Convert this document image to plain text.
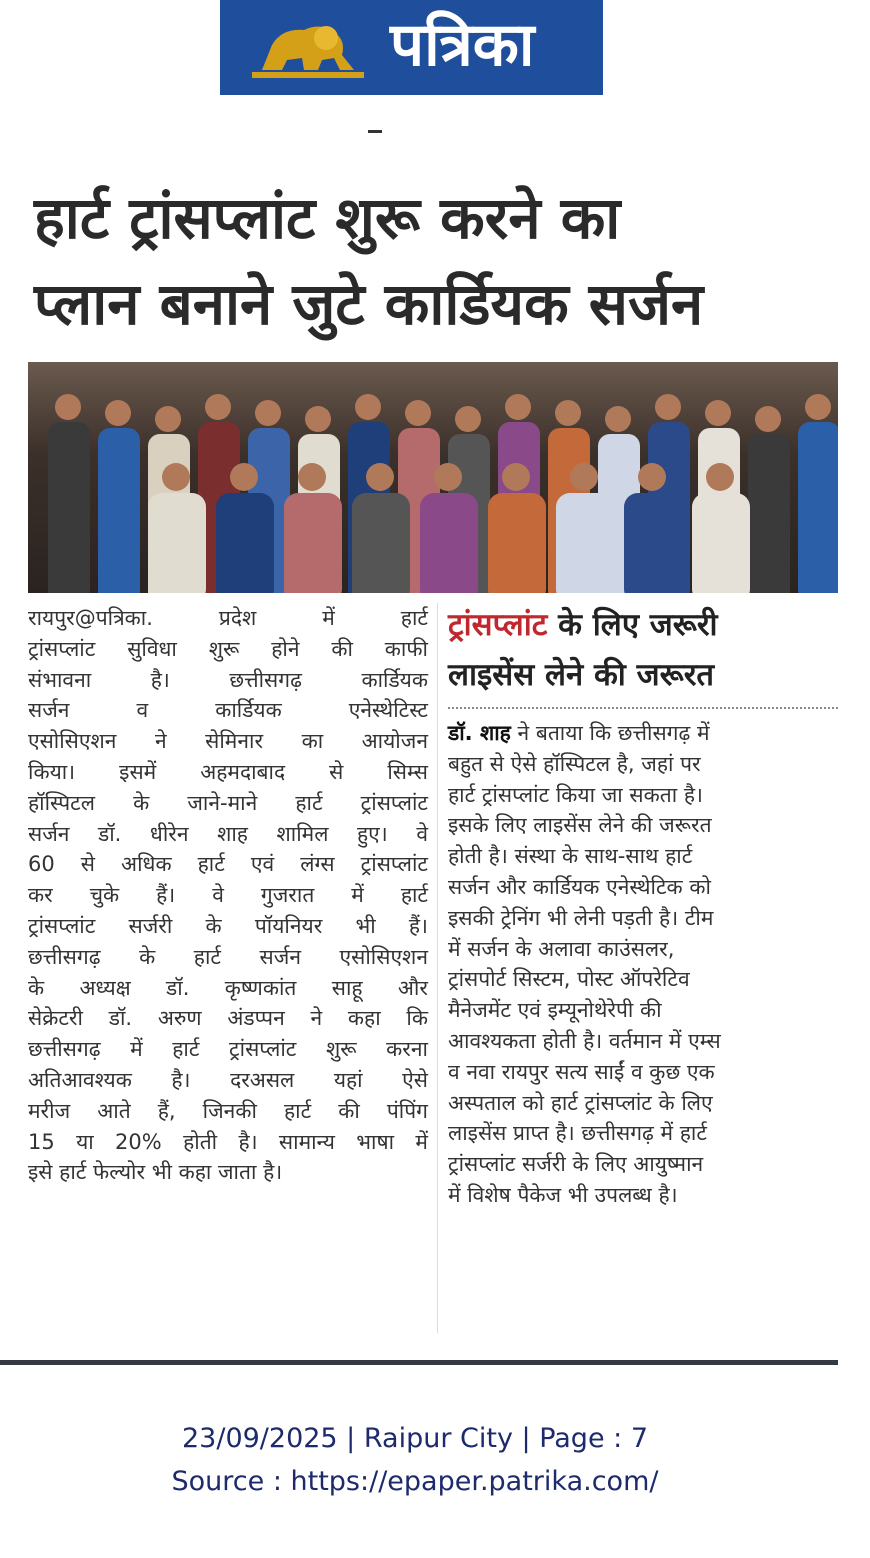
पत्रिका
हार्ट ट्रांसप्लांट शुरू करने का
प्लान बनाने जुटे कार्डियक सर्जन
रायपुर@पत्रिका. प्रदेश में हार्ट
ट्रांसप्लांट सुविधा शुरू होने की काफी
संभावना है। छत्तीसगढ़ कार्डियक
सर्जन व कार्डियक एनेस्थेटिस्ट
एसोसिएशन ने सेमिनार का आयोजन
किया। इसमें अहमदाबाद से सिम्स
हॉस्पिटल के जाने-माने हार्ट ट्रांसप्लांट
सर्जन डॉ. धीरेन शाह शामिल हुए। वे
60 से अधिक हार्ट एवं लंग्स ट्रांसप्लांट
कर चुके हैं। वे गुजरात में हार्ट
ट्रांसप्लांट सर्जरी के पॉयनियर भी हैं।
छत्तीसगढ़ के हार्ट सर्जन एसोसिएशन
के अध्यक्ष डॉ. कृष्णकांत साहू और
सेक्रेटरी डॉ. अरुण अंडप्पन ने कहा कि
छत्तीसगढ़ में हार्ट ट्रांसप्लांट शुरू करना
अतिआवश्यक है। दरअसल यहां ऐसे
मरीज आते हैं, जिनकी हार्ट की पंपिंग
15 या 20% होती है। सामान्य भाषा में
इसे हार्ट फेल्योर भी कहा जाता है।
ट्रांसप्लांट के लिए जरूरी
लाइसेंस लेने की जरूरत
डॉ. शाह ने बताया कि छत्तीसगढ़ में
बहुत से ऐसे हॉस्पिटल है, जहां पर
हार्ट ट्रांसप्लांट किया जा सकता है।
इसके लिए लाइसेंस लेने की जरूरत
होती है। संस्था के साथ-साथ हार्ट
सर्जन और कार्डियक एनेस्थेटिक को
इसकी ट्रेनिंग भी लेनी पड़ती है। टीम
में सर्जन के अलावा काउंसलर,
ट्रांसपोर्ट सिस्टम, पोस्ट ऑपरेटिव
मैनेजमेंट एवं इम्यूनोथेरेपी की
आवश्यकता होती है। वर्तमान में एम्स
व नवा रायपुर सत्य साईं व कुछ एक
अस्पताल को हार्ट ट्रांसप्लांट के लिए
लाइसेंस प्राप्त है। छत्तीसगढ़ में हार्ट
ट्रांसप्लांट सर्जरी के लिए आयुष्मान
में विशेष पैकेज भी उपलब्ध है।
23/09/2025 | Raipur City | Page : 7
Source : https://epaper.patrika.com/
